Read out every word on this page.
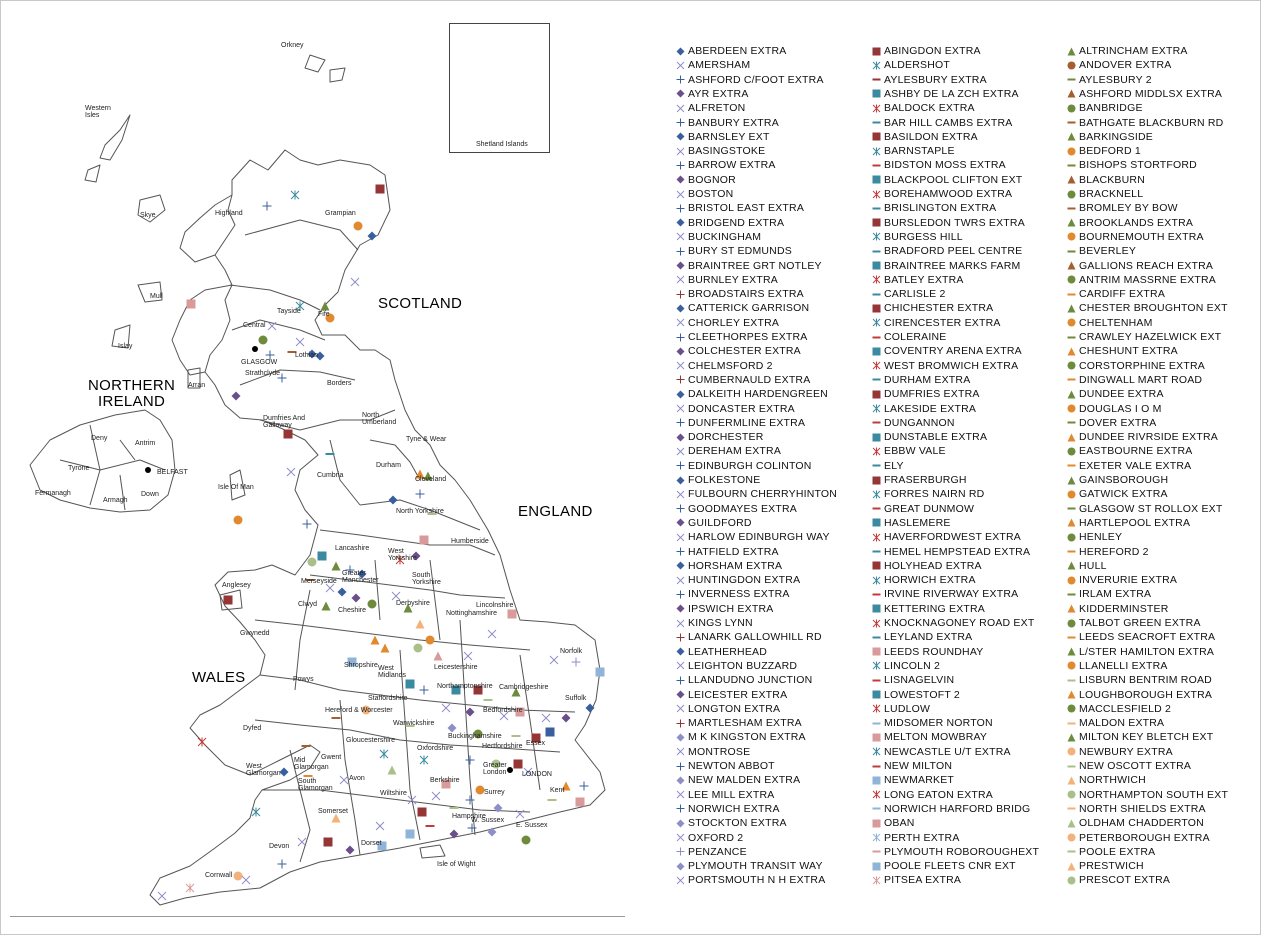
Orkney
Western
Isles
Highland	Grampian
Skye
Tayside
Mull
Central
Fife
Islay
GLASGOW
Strathclyde
Lothian
Arran	Borders
Dumfries And
Galloway
North
Umberland
Tyne & Wear
Durham
Cumbria
Cleveland
Isle Of Man
North Yorkshire
Humberside
Lancashire	West
Yorkshire
Merseyside
Greater
Manchester
South
Yorkshire
Anglesey
Clwyd
Cheshire
Derbyshire
Nottinghamshire
Lincolnshire
Gwynedd
Shropshire
Staffordshire
Leicestershire
Norfolk
West
Midlands
Northamptonshire Cambridgeshire
Powys
Hereford & Worcester
Warwickshire
Bedfordshire
Suffolk
Dyfed
Gloucestershire
Oxfordshire
Buckinghamshire
Hertfordshire Essex
Gwent
Mid
Glamorgan
West
Glamorgan
South
Glamorgan
Avon
Wiltshire
Berkshire
Greater
London LONDON
Kent
Surrey
Hampshire
W. Sussex
E. Sussex
Somerset
Dorset
Devon
Cornwall
Isle of Wight
Deny
Antrim
Tyrone
Fermanagh
Armagh
Down
BELFAST
Shetland Islands
SCOTLAND
NORTHERN
IRELAND
ENGLAND
WALES
ABERDEEN EXTRA
AMERSHAM
ASHFORD C/FOOT EXTRA
AYR EXTRA
ALFRETON
BANBURY EXTRA
BARNSLEY EXT
BASINGSTOKE
BARROW EXTRA
BOGNOR
BOSTON
BRISTOL EAST EXTRA
BRIDGEND EXTRA
BUCKINGHAM
BURY ST EDMUNDS
BRAINTREE GRT NOTLEY
BURNLEY EXTRA
BROADSTAIRS EXTRA
CATTERICK GARRISON
CHORLEY EXTRA
CLEETHORPES EXTRA
COLCHESTER EXTRA
CHELMSFORD 2
CUMBERNAULD EXTRA
DALKEITH HARDENGREEN
DONCASTER EXTRA
DUNFERMLINE EXTRA
DORCHESTER
DEREHAM EXTRA
EDINBURGH COLINTON
FOLKESTONE
FULBOURN CHERRYHINTON
GOODMAYES EXTRA
GUILDFORD
HARLOW EDINBURGH WAY
HATFIELD EXTRA
HORSHAM EXTRA
HUNTINGDON EXTRA
INVERNESS EXTRA
IPSWICH EXTRA
KINGS LYNN
LANARK GALLOWHILL RD
LEATHERHEAD
LEIGHTON BUZZARD
LLANDUDNO JUNCTION
LEICESTER EXTRA
LONGTON EXTRA
MARTLESHAM EXTRA
M K KINGSTON EXTRA
MONTROSE
NEWTON ABBOT
NEW MALDEN EXTRA
LEE MILL EXTRA
NORWICH EXTRA
STOCKTON EXTRA
OXFORD 2
PENZANCE
PLYMOUTH TRANSIT WAY
PORTSMOUTH N H EXTRA
ABINGDON EXTRA
ALDERSHOT
AYLESBURY EXTRA
ASHBY DE LA ZCH EXTRA
BALDOCK EXTRA
BAR HILL CAMBS EXTRA
BASILDON EXTRA
BARNSTAPLE
BIDSTON MOSS EXTRA
BLACKPOOL CLIFTON EXT
BOREHAMWOOD EXTRA
BRISLINGTON EXTRA
BURSLEDON TWRS EXTRA
BURGESS HILL
BRADFORD PEEL CENTRE
BRAINTREE MARKS FARM
BATLEY EXTRA
CARLISLE 2
CHICHESTER EXTRA
CIRENCESTER EXTRA
COLERAINE
COVENTRY ARENA EXTRA
WEST BROMWICH EXTRA
DURHAM EXTRA
DUMFRIES EXTRA
LAKESIDE EXTRA
DUNGANNON
DUNSTABLE EXTRA
EBBW VALE
ELY
FRASERBURGH
FORRES NAIRN RD
GREAT DUNMOW
HASLEMERE
HAVERFORDWEST EXTRA
HEMEL HEMPSTEAD EXTRA
HOLYHEAD EXTRA
HORWICH EXTRA
IRVINE RIVERWAY EXTRA
KETTERING EXTRA
KNOCKNAGONEY ROAD EXT
LEYLAND EXTRA
LEEDS ROUNDHAY
LINCOLN 2
LISNAGELVIN
LOWESTOFT 2
LUDLOW
MIDSOMER NORTON
MELTON MOWBRAY
NEWCASTLE U/T EXTRA
NEW MILTON
NEWMARKET
LONG EATON EXTRA
NORWICH HARFORD BRIDG
OBAN
PERTH EXTRA
PLYMOUTH ROBOROUGHEXT
POOLE FLEETS CNR EXT
PITSEA EXTRA
ALTRINCHAM EXTRA
ANDOVER EXTRA
AYLESBURY 2
ASHFORD MIDDLSX EXTRA
BANBRIDGE
BATHGATE BLACKBURN RD
BARKINGSIDE
BEDFORD 1
BISHOPS STORTFORD
BLACKBURN
BRACKNELL
BROMLEY BY BOW
BROOKLANDS EXTRA
BOURNEMOUTH EXTRA
BEVERLEY
GALLIONS REACH EXTRA
ANTRIM MASSRNE EXTRA
CARDIFF EXTRA
CHESTER BROUGHTON EXT
CHELTENHAM
CRAWLEY HAZELWICK EXT
CHESHUNT EXTRA
CORSTORPHINE EXTRA
DINGWALL MART ROAD
DUNDEE EXTRA
DOUGLAS I O M
DOVER EXTRA
DUNDEE RIVRSIDE EXTRA
EASTBOURNE EXTRA
EXETER VALE EXTRA
GAINSBOROUGH
GATWICK EXTRA
GLASGOW ST ROLLOX EXT
HARTLEPOOL EXTRA
HENLEY
HEREFORD 2
HULL
INVERURIE EXTRA
IRLAM EXTRA
KIDDERMINSTER
TALBOT GREEN EXTRA
LEEDS SEACROFT EXTRA
L/STER HAMILTON EXTRA
LLANELLI EXTRA
LISBURN BENTRIM ROAD
LOUGHBOROUGH EXTRA
MACCLESFIELD 2
MALDON EXTRA
MILTON KEY BLETCH EXT
NEWBURY EXTRA
NEW OSCOTT EXTRA
NORTHWICH
NORTHAMPTON SOUTH EXT
NORTH SHIELDS EXTRA
OLDHAM CHADDERTON
PETERBOROUGH EXTRA
POOLE EXTRA
PRESTWICH
PRESCOT EXTRA
